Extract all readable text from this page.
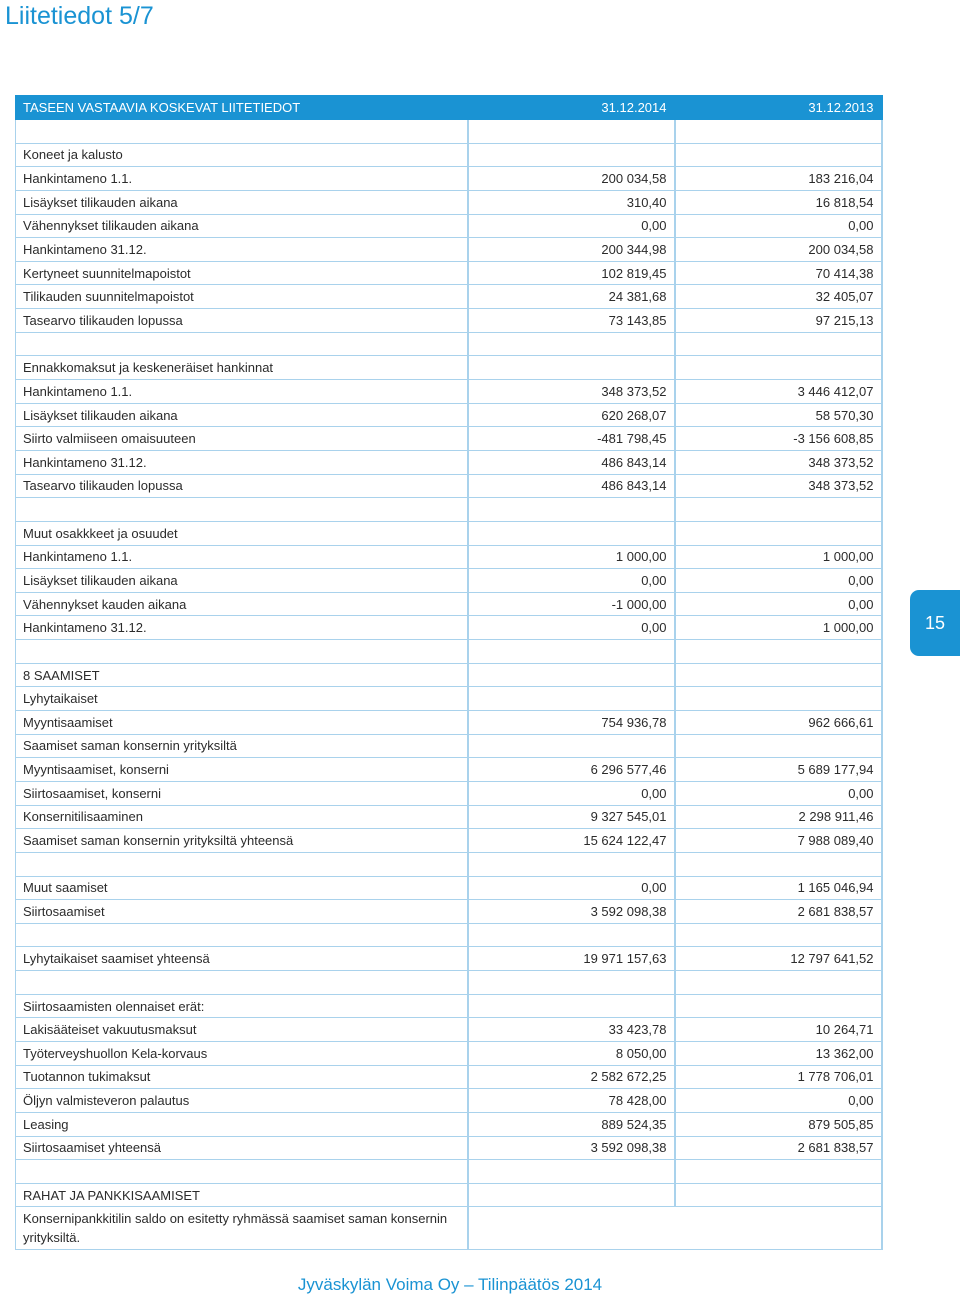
Liitetiedot 5/7
TASEEN VASTAAVIA KOSKEVAT LIITETIEDOT	31.12.2014	31.12.2013

Koneet ja kalusto		
Hankintameno 1.1.	200 034,58	183 216,04
Lisäykset tilikauden aikana	310,40	16 818,54
Vähennykset tilikauden aikana	0,00	0,00
Hankintameno 31.12.	200 344,98	200 034,58
Kertyneet suunnitelmapoistot	102 819,45	70 414,38
Tilikauden suunnitelmapoistot	24 381,68	32 405,07
Tasearvo tilikauden lopussa	73 143,85	97 215,13

Ennakkomaksut ja keskeneräiset hankinnat		
Hankintameno 1.1.	348 373,52	3 446 412,07
Lisäykset tilikauden aikana	620 268,07	58 570,30
Siirto valmiiseen omaisuuteen	-481 798,45	-3 156 608,85
Hankintameno 31.12.	486 843,14	348 373,52
Tasearvo tilikauden lopussa	486 843,14	348 373,52

Muut osakkkeet ja osuudet		
Hankintameno 1.1.	1 000,00	1 000,00
Lisäykset tilikauden aikana	0,00	0,00
Vähennykset kauden aikana	-1 000,00	0,00
Hankintameno 31.12.	0,00	1 000,00

8 SAAMISET		
Lyhytaikaiset		
Myyntisaamiset	754 936,78	962 666,61
Saamiset saman konsernin yrityksiltä		
Myyntisaamiset, konserni	6 296 577,46	5 689 177,94
Siirtosaamiset, konserni	0,00	0,00
Konsernitilisaaminen	9 327 545,01	2 298 911,46
Saamiset saman konsernin yrityksiltä yhteensä	15 624 122,47	7 988 089,40

Muut saamiset	0,00	1 165 046,94
Siirtosaamiset	3 592 098,38	2 681 838,57

Lyhytaikaiset saamiset yhteensä	19 971 157,63	12 797 641,52

Siirtosaamisten olennaiset erät:		
Lakisääteiset vakuutusmaksut	33 423,78	10 264,71
Työterveyshuollon Kela-korvaus	8 050,00	13 362,00
Tuotannon tukimaksut	2 582 672,25	1 778 706,01
Öljyn valmisteveron palautus	78 428,00	0,00
Leasing	889 524,35	879 505,85
Siirtosaamiset yhteensä	3 592 098,38	2 681 838,57

RAHAT JA PANKKISAAMISET		
Konsernipankkitilin saldo on esitetty ryhmässä saamiset saman konsernin yrityksiltä.		
15
Jyväskylän Voima Oy – Tilinpäätös 2014
